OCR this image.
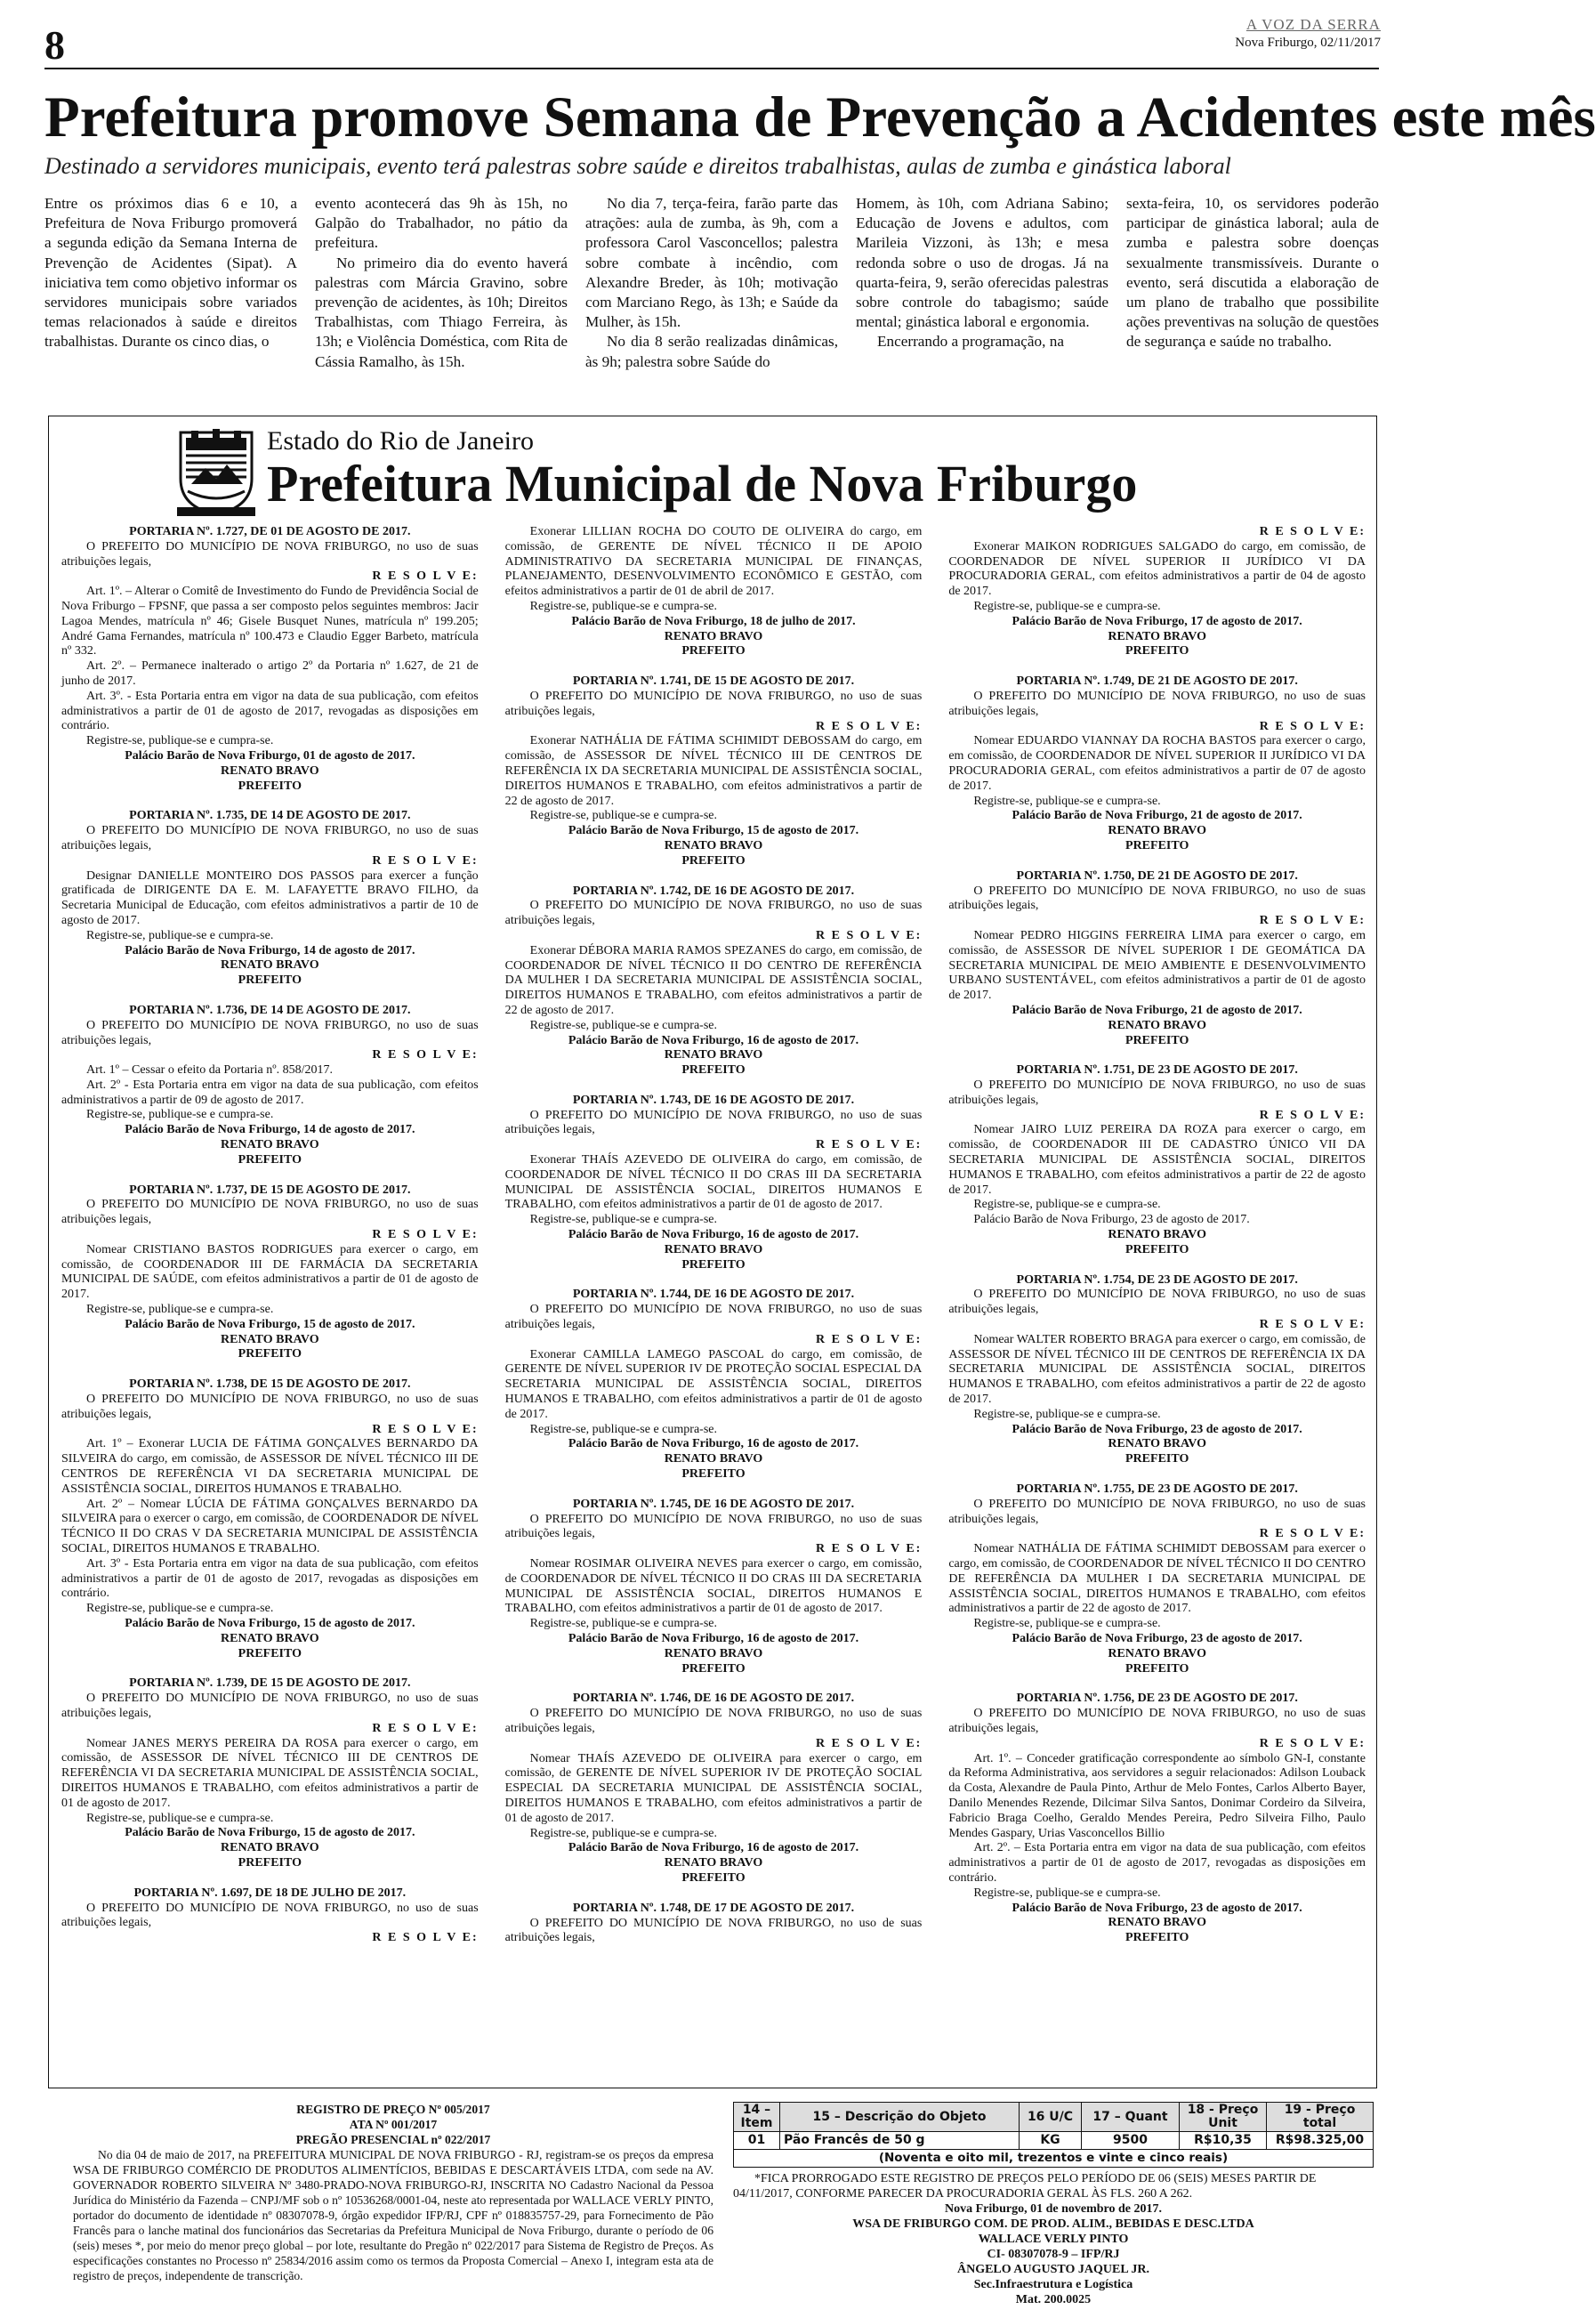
8	A VOZ DA SERRA
Nova Friburgo, 02/11/2017
Prefeitura promove Semana de Prevenção a Acidentes este mês
Destinado a servidores municipais, evento terá palestras sobre saúde e direitos trabalhistas, aulas de zumba e ginástica laboral

Entre os próximos dias 6 e 10, a Prefeitura de Nova Friburgo promoverá a segunda edição da Semana Interna de Prevenção de Acidentes (Sipat). A iniciativa tem como objetivo informar os servidores municipais sobre variados temas relacionados à saúde e direitos trabalhistas. Durante os cinco dias, o

evento acontecerá das 9h às 15h, no Galpão do Trabalhador, no pátio da prefeitura.

No primeiro dia do evento haverá palestras com Márcia Gravino, sobre prevenção de acidentes, às 10h; Direitos Trabalhistas, com Thiago Ferreira, às 13h; e Violência Doméstica, com Rita de Cássia Ramalho, às 15h.

No dia 7, terça-feira, farão parte das atrações: aula de zumba, às 9h, com a professora Carol Vasconcellos; palestra sobre combate à incêndio, com Alexandre Breder, às 10h; motivação com Marciano Rego, às 13h; e Saúde da Mulher, às 15h.

No dia 8 serão realizadas dinâmicas, às 9h; palestra sobre Saúde do

Homem, às 10h, com Adriana Sabino; Educação de Jovens e adultos, com Marileia Vizzoni, às 13h; e mesa redonda sobre o uso de drogas. Já na quarta-feira, 9, serão oferecidas palestras sobre controle do tabagismo; saúde mental; ginástica laboral e ergonomia.

Encerrando a programação, na

sexta-feira, 10, os servidores poderão participar de ginástica laboral; aula de zumba e palestra sobre doenças sexualmente transmissíveis. Durante o evento, será discutida a elaboração de um plano de trabalho que possibilite ações preventivas na solução de questões de segurança e saúde no trabalho.

Estado do Rio de Janeiro
Prefeitura Municipal de Nova Friburgo
PORTARIA Nº. 1.727, DE 01 DE AGOSTO DE 2017.
O PREFEITO DO MUNICÍPIO DE NOVA FRIBURGO, no uso de suas atribuições legais,
R E S O L V E:
Art. 1º. – Alterar o Comitê de Investimento do Fundo de Previdência Social de Nova Friburgo – FPSNF, que passa a ser composto pelos seguintes membros: Jacir Lagoa Mendes, matrícula nº 46; Gisele Busquet Nunes, matrícula nº 199.205; André Gama Fernandes, matrícula nº 100.473 e Claudio Egger Barbeto, matrícula nº 332.
Art. 2º. – Permanece inalterado o artigo 2º da Portaria nº 1.627, de 21 de junho de 2017.
Art. 3º. - Esta Portaria entra em vigor na data de sua publicação, com efeitos administrativos a partir de 01 de agosto de 2017, revogadas as disposições em contrário.
Registre-se, publique-se e cumpra-se.
Palácio Barão de Nova Friburgo, 01 de agosto de 2017.
RENATO BRAVO
PREFEITO
PORTARIA Nº. 1.735, DE 14 DE AGOSTO DE 2017.
O PREFEITO DO MUNICÍPIO DE NOVA FRIBURGO, no uso de suas atribuições legais,
R E S O L V E:
Designar DANIELLE MONTEIRO DOS PASSOS para exercer a função gratificada de DIRIGENTE DA E. M. LAFAYETTE BRAVO FILHO, da Secretaria Municipal de Educação, com efeitos administrativos a partir de 10 de agosto de 2017.
Registre-se, publique-se e cumpra-se.
Palácio Barão de Nova Friburgo, 14 de agosto de 2017.
RENATO BRAVO
PREFEITO
PORTARIA Nº. 1.736, DE 14 DE AGOSTO DE 2017.
O PREFEITO DO MUNICÍPIO DE NOVA FRIBURGO, no uso de suas atribuições legais,
R E S O L V E:
Art. 1º – Cessar o efeito da Portaria nº. 858/2017.
Art. 2º - Esta Portaria entra em vigor na data de sua publicação, com efeitos administrativos a partir de 09 de agosto de 2017.
Registre-se, publique-se e cumpra-se.
Palácio Barão de Nova Friburgo, 14 de agosto de 2017.
RENATO BRAVO
PREFEITO
PORTARIA Nº. 1.737, DE 15 DE AGOSTO DE 2017.
O PREFEITO DO MUNICÍPIO DE NOVA FRIBURGO, no uso de suas atribuições legais,
R E S O L V E:
Nomear CRISTIANO BASTOS RODRIGUES para exercer o cargo, em comissão, de COORDENADOR III DE FARMÁCIA DA SECRETARIA MUNICIPAL DE SAÚDE, com efeitos administrativos a partir de 01 de agosto de 2017.
Registre-se, publique-se e cumpra-se.
Palácio Barão de Nova Friburgo, 15 de agosto de 2017.
RENATO BRAVO
PREFEITO
PORTARIA Nº. 1.738, DE 15 DE AGOSTO DE 2017.
O PREFEITO DO MUNICÍPIO DE NOVA FRIBURGO, no uso de suas atribuições legais,
R E S O L V E:
Art. 1º – Exonerar LUCIA DE FÁTIMA GONÇALVES BERNARDO DA SILVEIRA do cargo, em comissão, de ASSESSOR DE NÍVEL TÉCNICO III DE CENTROS DE REFERÊNCIA VI DA SECRETARIA MUNICIPAL DE ASSISTÊNCIA SOCIAL, DIREITOS HUMANOS E TRABALHO.
Art. 2º – Nomear LÚCIA DE FÁTIMA GONÇALVES BERNARDO DA SILVEIRA para o exercer o cargo, em comissão, de COORDENADOR DE NÍVEL TÉCNICO II DO CRAS V DA SECRETARIA MUNICIPAL DE ASSISTÊNCIA SOCIAL, DIREITOS HUMANOS E TRABALHO.
Art. 3º - Esta Portaria entra em vigor na data de sua publicação, com efeitos administrativos a partir de 01 de agosto de 2017, revogadas as disposições em contrário.
Registre-se, publique-se e cumpra-se.
Palácio Barão de Nova Friburgo, 15 de agosto de 2017.
RENATO BRAVO
PREFEITO
PORTARIA Nº. 1.739, DE 15 DE AGOSTO DE 2017.
O PREFEITO DO MUNICÍPIO DE NOVA FRIBURGO, no uso de suas atribuições legais,
R E S O L V E:
Nomear JANES MERYS PEREIRA DA ROSA para exercer o cargo, em comissão, de ASSESSOR DE NÍVEL TÉCNICO III DE CENTROS DE REFERÊNCIA VI DA SECRETARIA MUNICIPAL DE ASSISTÊNCIA SOCIAL, DIREITOS HUMANOS E TRABALHO, com efeitos administrativos a partir de 01 de agosto de 2017.
Registre-se, publique-se e cumpra-se.
Palácio Barão de Nova Friburgo, 15 de agosto de 2017.
RENATO BRAVO
PREFEITO
PORTARIA Nº. 1.697, DE 18 DE JULHO DE 2017.
O PREFEITO DO MUNICÍPIO DE NOVA FRIBURGO, no uso de suas atribuições legais,
R E S O L V E:
Exonerar LILLIAN ROCHA DO COUTO DE OLIVEIRA do cargo, em comissão, de GERENTE DE NÍVEL TÉCNICO II DE APOIO ADMINISTRATIVO DA SECRETARIA MUNICIPAL DE FINANÇAS, PLANEJAMENTO, DESENVOLVIMENTO ECONÔMICO E GESTÃO, com efeitos administrativos a partir de 01 de abril de 2017.
Registre-se, publique-se e cumpra-se.
Palácio Barão de Nova Friburgo, 18 de julho de 2017.
RENATO BRAVO
PREFEITO
PORTARIA Nº. 1.741, DE 15 DE AGOSTO DE 2017.
O PREFEITO DO MUNICÍPIO DE NOVA FRIBURGO, no uso de suas atribuições legais,
R E S O L V E:
Exonerar NATHÁLIA DE FÁTIMA SCHIMIDT DEBOSSAM do cargo, em comissão, de ASSESSOR DE NÍVEL TÉCNICO III DE CENTROS DE REFERÊNCIA IX DA SECRETARIA MUNICIPAL DE ASSISTÊNCIA SOCIAL, DIREITOS HUMANOS E TRABALHO, com efeitos administrativos a partir de 22 de agosto de 2017.
Registre-se, publique-se e cumpra-se.
Palácio Barão de Nova Friburgo, 15 de agosto de 2017.
RENATO BRAVO
PREFEITO
PORTARIA Nº. 1.742, DE 16 DE AGOSTO DE 2017.
O PREFEITO DO MUNICÍPIO DE NOVA FRIBURGO, no uso de suas atribuições legais,
R E S O L V E:
Exonerar DÉBORA MARIA RAMOS SPEZANES do cargo, em comissão, de COORDENADOR DE NÍVEL TÉCNICO II DO CENTRO DE REFERÊNCIA DA MULHER I DA SECRETARIA MUNICIPAL DE ASSISTÊNCIA SOCIAL, DIREITOS HUMANOS E TRABALHO, com efeitos administrativos a partir de 22 de agosto de 2017.
Registre-se, publique-se e cumpra-se.
Palácio Barão de Nova Friburgo, 16 de agosto de 2017.
RENATO BRAVO
PREFEITO
PORTARIA Nº. 1.743, DE 16 DE AGOSTO DE 2017.
O PREFEITO DO MUNICÍPIO DE NOVA FRIBURGO, no uso de suas atribuições legais,
R E S O L V E:
Exonerar THAÍS AZEVEDO DE OLIVEIRA do cargo, em comissão, de COORDENADOR DE NÍVEL TÉCNICO II DO CRAS III DA SECRETARIA MUNICIPAL DE ASSISTÊNCIA SOCIAL, DIREITOS HUMANOS E TRABALHO, com efeitos administrativos a partir de 01 de agosto de 2017.
Registre-se, publique-se e cumpra-se.
Palácio Barão de Nova Friburgo, 16 de agosto de 2017.
RENATO BRAVO
PREFEITO
PORTARIA Nº. 1.744, DE 16 DE AGOSTO DE 2017.
O PREFEITO DO MUNICÍPIO DE NOVA FRIBURGO, no uso de suas atribuições legais,
R E S O L V E:
Exonerar CAMILLA LAMEGO PASCOAL do cargo, em comissão, de GERENTE DE NÍVEL SUPERIOR IV DE PROTEÇÃO SOCIAL ESPECIAL DA SECRETARIA MUNICIPAL DE ASSISTÊNCIA SOCIAL, DIREITOS HUMANOS E TRABALHO, com efeitos administrativos a partir de 01 de agosto de 2017.
Registre-se, publique-se e cumpra-se.
Palácio Barão de Nova Friburgo, 16 de agosto de 2017.
RENATO BRAVO
PREFEITO
PORTARIA Nº. 1.745, DE 16 DE AGOSTO DE 2017.
O PREFEITO DO MUNICÍPIO DE NOVA FRIBURGO, no uso de suas atribuições legais,
R E S O L V E:
Nomear ROSIMAR OLIVEIRA NEVES para exercer o cargo, em comissão, de COORDENADOR DE NÍVEL TÉCNICO II DO CRAS III DA SECRETARIA MUNICIPAL DE ASSISTÊNCIA SOCIAL, DIREITOS HUMANOS E TRABALHO, com efeitos administrativos a partir de 01 de agosto de 2017.
Registre-se, publique-se e cumpra-se.
Palácio Barão de Nova Friburgo, 16 de agosto de 2017.
RENATO BRAVO
PREFEITO
PORTARIA Nº. 1.746, DE 16 DE AGOSTO DE 2017.
O PREFEITO DO MUNICÍPIO DE NOVA FRIBURGO, no uso de suas atribuições legais,
R E S O L V E:
Nomear THAÍS AZEVEDO DE OLIVEIRA para exercer o cargo, em comissão, de GERENTE DE NÍVEL SUPERIOR IV DE PROTEÇÃO SOCIAL ESPECIAL DA SECRETARIA MUNICIPAL DE ASSISTÊNCIA SOCIAL, DIREITOS HUMANOS E TRABALHO, com efeitos administrativos a partir de 01 de agosto de 2017.
Registre-se, publique-se e cumpra-se.
Palácio Barão de Nova Friburgo, 16 de agosto de 2017.
RENATO BRAVO
PREFEITO
PORTARIA Nº. 1.748, DE 17 DE AGOSTO DE 2017.
O PREFEITO DO MUNICÍPIO DE NOVA FRIBURGO, no uso de suas atribuições legais,
R E S O L V E:
Exonerar MAIKON RODRIGUES SALGADO do cargo, em comissão, de COORDENADOR DE NÍVEL SUPERIOR II JURÍDICO VI DA PROCURADORIA GERAL, com efeitos administrativos a partir de 04 de agosto de 2017.
Registre-se, publique-se e cumpra-se.
Palácio Barão de Nova Friburgo, 17 de agosto de 2017.
RENATO BRAVO
PREFEITO
PORTARIA Nº. 1.749, DE 21 DE AGOSTO DE 2017.
O PREFEITO DO MUNICÍPIO DE NOVA FRIBURGO, no uso de suas atribuições legais,
R E S O L V E:
Nomear EDUARDO VIANNAY DA ROCHA BASTOS para exercer o cargo, em comissão, de COORDENADOR DE NÍVEL SUPERIOR II JURÍDICO VI DA PROCURADORIA GERAL, com efeitos administrativos a partir de 07 de agosto de 2017.
Registre-se, publique-se e cumpra-se.
Palácio Barão de Nova Friburgo, 21 de agosto de 2017.
RENATO BRAVO
PREFEITO
PORTARIA Nº. 1.750, DE 21 DE AGOSTO DE 2017.
O PREFEITO DO MUNICÍPIO DE NOVA FRIBURGO, no uso de suas atribuições legais,
R E S O L V E:
Nomear PEDRO HIGGINS FERREIRA LIMA para exercer o cargo, em comissão, de ASSESSOR DE NÍVEL SUPERIOR I DE GEOMÁTICA DA SECRETARIA MUNICIPAL DE MEIO AMBIENTE E DESENVOLVIMENTO URBANO SUSTENTÁVEL, com efeitos administrativos a partir de 01 de agosto de 2017.
Palácio Barão de Nova Friburgo, 21 de agosto de 2017.
RENATO BRAVO
PREFEITO
PORTARIA Nº. 1.751, DE 23 DE AGOSTO DE 2017.
O PREFEITO DO MUNICÍPIO DE NOVA FRIBURGO, no uso de suas atribuições legais,
R E S O L V E:
Nomear JAIRO LUIZ PEREIRA DA ROZA para exercer o cargo, em comissão, de COORDENADOR III DE CADASTRO ÚNICO VII DA SECRETARIA MUNICIPAL DE ASSISTÊNCIA SOCIAL, DIREITOS HUMANOS E TRABALHO, com efeitos administrativos a partir de 22 de agosto de 2017.
Registre-se, publique-se e cumpra-se.
Palácio Barão de Nova Friburgo, 23 de agosto de 2017.
RENATO BRAVO
PREFEITO
PORTARIA Nº. 1.754, DE 23 DE AGOSTO DE 2017.
O PREFEITO DO MUNICÍPIO DE NOVA FRIBURGO, no uso de suas atribuições legais,
R E S O L V E:
Nomear WALTER ROBERTO BRAGA para exercer o cargo, em comissão, de ASSESSOR DE NÍVEL TÉCNICO III DE CENTROS DE REFERÊNCIA IX DA SECRETARIA MUNICIPAL DE ASSISTÊNCIA SOCIAL, DIREITOS HUMANOS E TRABALHO, com efeitos administrativos a partir de 22 de agosto de 2017.
Registre-se, publique-se e cumpra-se.
Palácio Barão de Nova Friburgo, 23 de agosto de 2017.
RENATO BRAVO
PREFEITO
PORTARIA Nº. 1.755, DE 23 DE AGOSTO DE 2017.
O PREFEITO DO MUNICÍPIO DE NOVA FRIBURGO, no uso de suas atribuições legais,
R E S O L V E:
Nomear NATHÁLIA DE FÁTIMA SCHIMIDT DEBOSSAM para exercer o cargo, em comissão, de COORDENADOR DE NÍVEL TÉCNICO II DO CENTRO DE REFERÊNCIA DA MULHER I DA SECRETARIA MUNICIPAL DE ASSISTÊNCIA SOCIAL, DIREITOS HUMANOS E TRABALHO, com efeitos administrativos a partir de 22 de agosto de 2017.
Registre-se, publique-se e cumpra-se.
Palácio Barão de Nova Friburgo, 23 de agosto de 2017.
RENATO BRAVO
PREFEITO
PORTARIA Nº. 1.756, DE 23 DE AGOSTO DE 2017.
O PREFEITO DO MUNICÍPIO DE NOVA FRIBURGO, no uso de suas atribuições legais,
R E S O L V E:
Art. 1º. – Conceder gratificação correspondente ao símbolo GN-I, constante da Reforma Administrativa, aos servidores a seguir relacionados: Adilson Louback da Costa, Alexandre de Paula Pinto, Arthur de Melo Fontes, Carlos Alberto Bayer, Danilo Menendes Rezende, Dilcimar Silva Santos, Donimar Cordeiro da Silveira, Fabricio Braga Coelho, Geraldo Mendes Pereira, Pedro Silveira Filho, Paulo Mendes Gaspary, Urias Vasconcellos Billio
Art. 2º. – Esta Portaria entra em vigor na data de sua publicação, com efeitos administrativos a partir de 01 de agosto de 2017, revogadas as disposições em contrário.
Registre-se, publique-se e cumpra-se.
Palácio Barão de Nova Friburgo, 23 de agosto de 2017.
RENATO BRAVO
PREFEITO
REGISTRO DE PREÇO Nº 005/2017
ATA Nº 001/2017
PREGÃO PRESENCIAL nº 022/2017

No dia 04 de maio de 2017, na PREFEITURA MUNICIPAL DE NOVA FRIBURGO - RJ, registram-se os preços da empresa WSA DE FRIBURGO COMÉRCIO DE PRODUTOS ALIMENTÍCIOS, BEBIDAS E DESCARTÁVEIS LTDA, com sede na AV. GOVERNADOR ROBERTO SILVEIRA Nº 3480-PRADO-NOVA FRIBURGO-RJ, INSCRITA NO Cadastro Nacional da Pessoa Jurídica do Ministério da Fazenda – CNPJ/MF sob o nº 10536268/0001-04, neste ato representada por WALLACE VERLY PINTO, portador do documento de identidade nº 08307078-9, órgão expedidor IFP/RJ, CPF nº 018835757-29, para Fornecimento de Pão Francês para o lanche matinal dos funcionários das Secretarias da Prefeitura Municipal de Nova Friburgo, durante o período de 06 (seis) meses *, por meio do menor preço global – por lote, resultante do Pregão nº 022/2017 para Sistema de Registro de Preços. As especificações constantes no Processo nº 25834/2016 assim como os termos da Proposta Comercial – Anexo I, integram esta ata de registro de preços, independente de transcrição.

14 – Item	15 – Descrição do Objeto	16 U/C	17 – Quant	18 - Preço Unit	19 - Preço total
01	Pão Francês de 50 g	KG	9500	R$10,35	R$98.325,00
(Noventa e oito mil, trezentos e vinte e cinco reais)

*FICA PRORROGADO ESTE REGISTRO DE PREÇOS PELO PERÍODO DE 06 (SEIS) MESES PARTIR DE 04/11/2017, CONFORME PARECER DA PROCURADORIA GERAL ÀS FLS. 260 A 262.

Nova Friburgo, 01 de novembro de 2017.
WSA DE FRIBURGO COM. DE PROD. ALIM., BEBIDAS E DESC.LTDA
WALLACE VERLY PINTO
CI- 08307078-9 – IFP/RJ
ÂNGELO AUGUSTO JAQUEL JR.
Sec.Infraestrutura e Logística
Mat. 200.0025
